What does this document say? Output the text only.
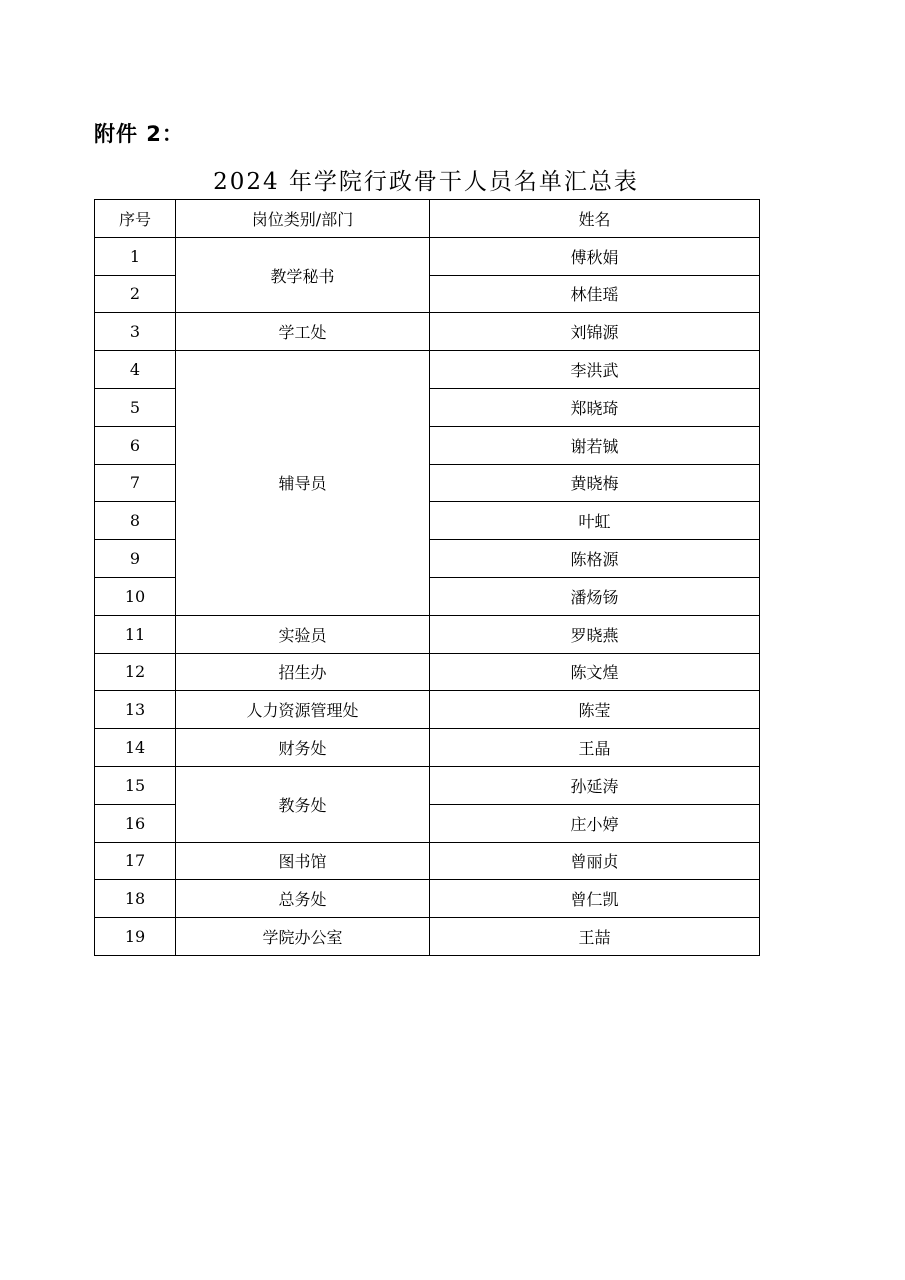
附件 2：
2024 年学院行政骨干人员名单汇总表
序号	岗位类别/部门	姓名
1	教学秘书	傅秋娟
2		林佳瑶
3	学工处	刘锦源
4	辅导员	李洪武
5		郑晓琦
6		谢若铖
7		黄晓梅
8		叶虹
9		陈格源
10		潘炀钖
11	实验员	罗晓燕
12	招生办	陈文煌
13	人力资源管理处	陈莹
14	财务处	王晶
15	教务处	孙延涛
16		庄小婷
17	图书馆	曾丽贞
18	总务处	曾仁凯
19	学院办公室	王喆
